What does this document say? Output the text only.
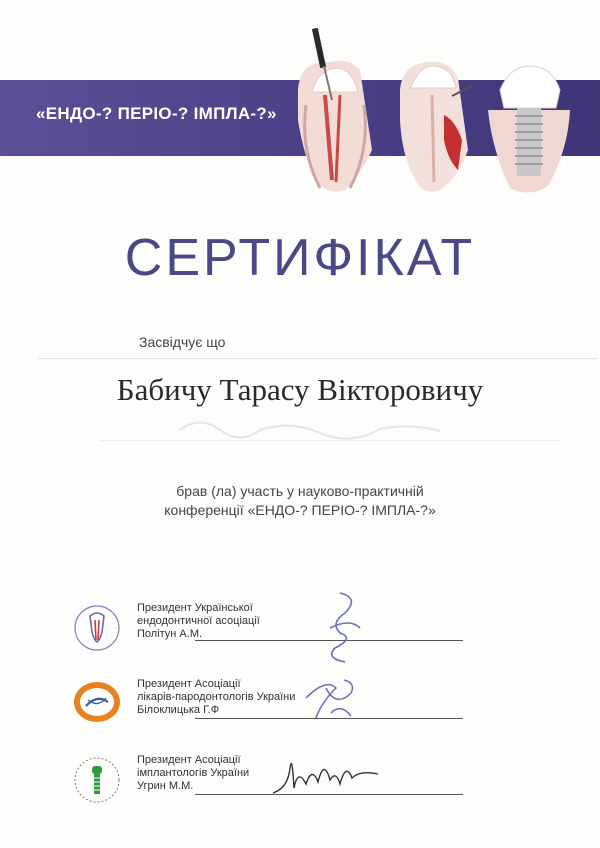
«ЕНДО-? ПЕРІО-? ІМПЛА-?»
СЕРТИФІКАТ
Засвідчує що
Бабичу Тарасу Вікторовичу
брав (ла) участь у науково-практичній
конференції «ЕНДО-? ПЕРІО-? ІМПЛА-?»
Президент Української
ендодонтичної асоціації
Політун А.М.
Президент Асоціації
лікарів-пародонтологів України
Білоклицька Г.Ф
Президент Асоціації
імплантологів України
Угрин М.М.
